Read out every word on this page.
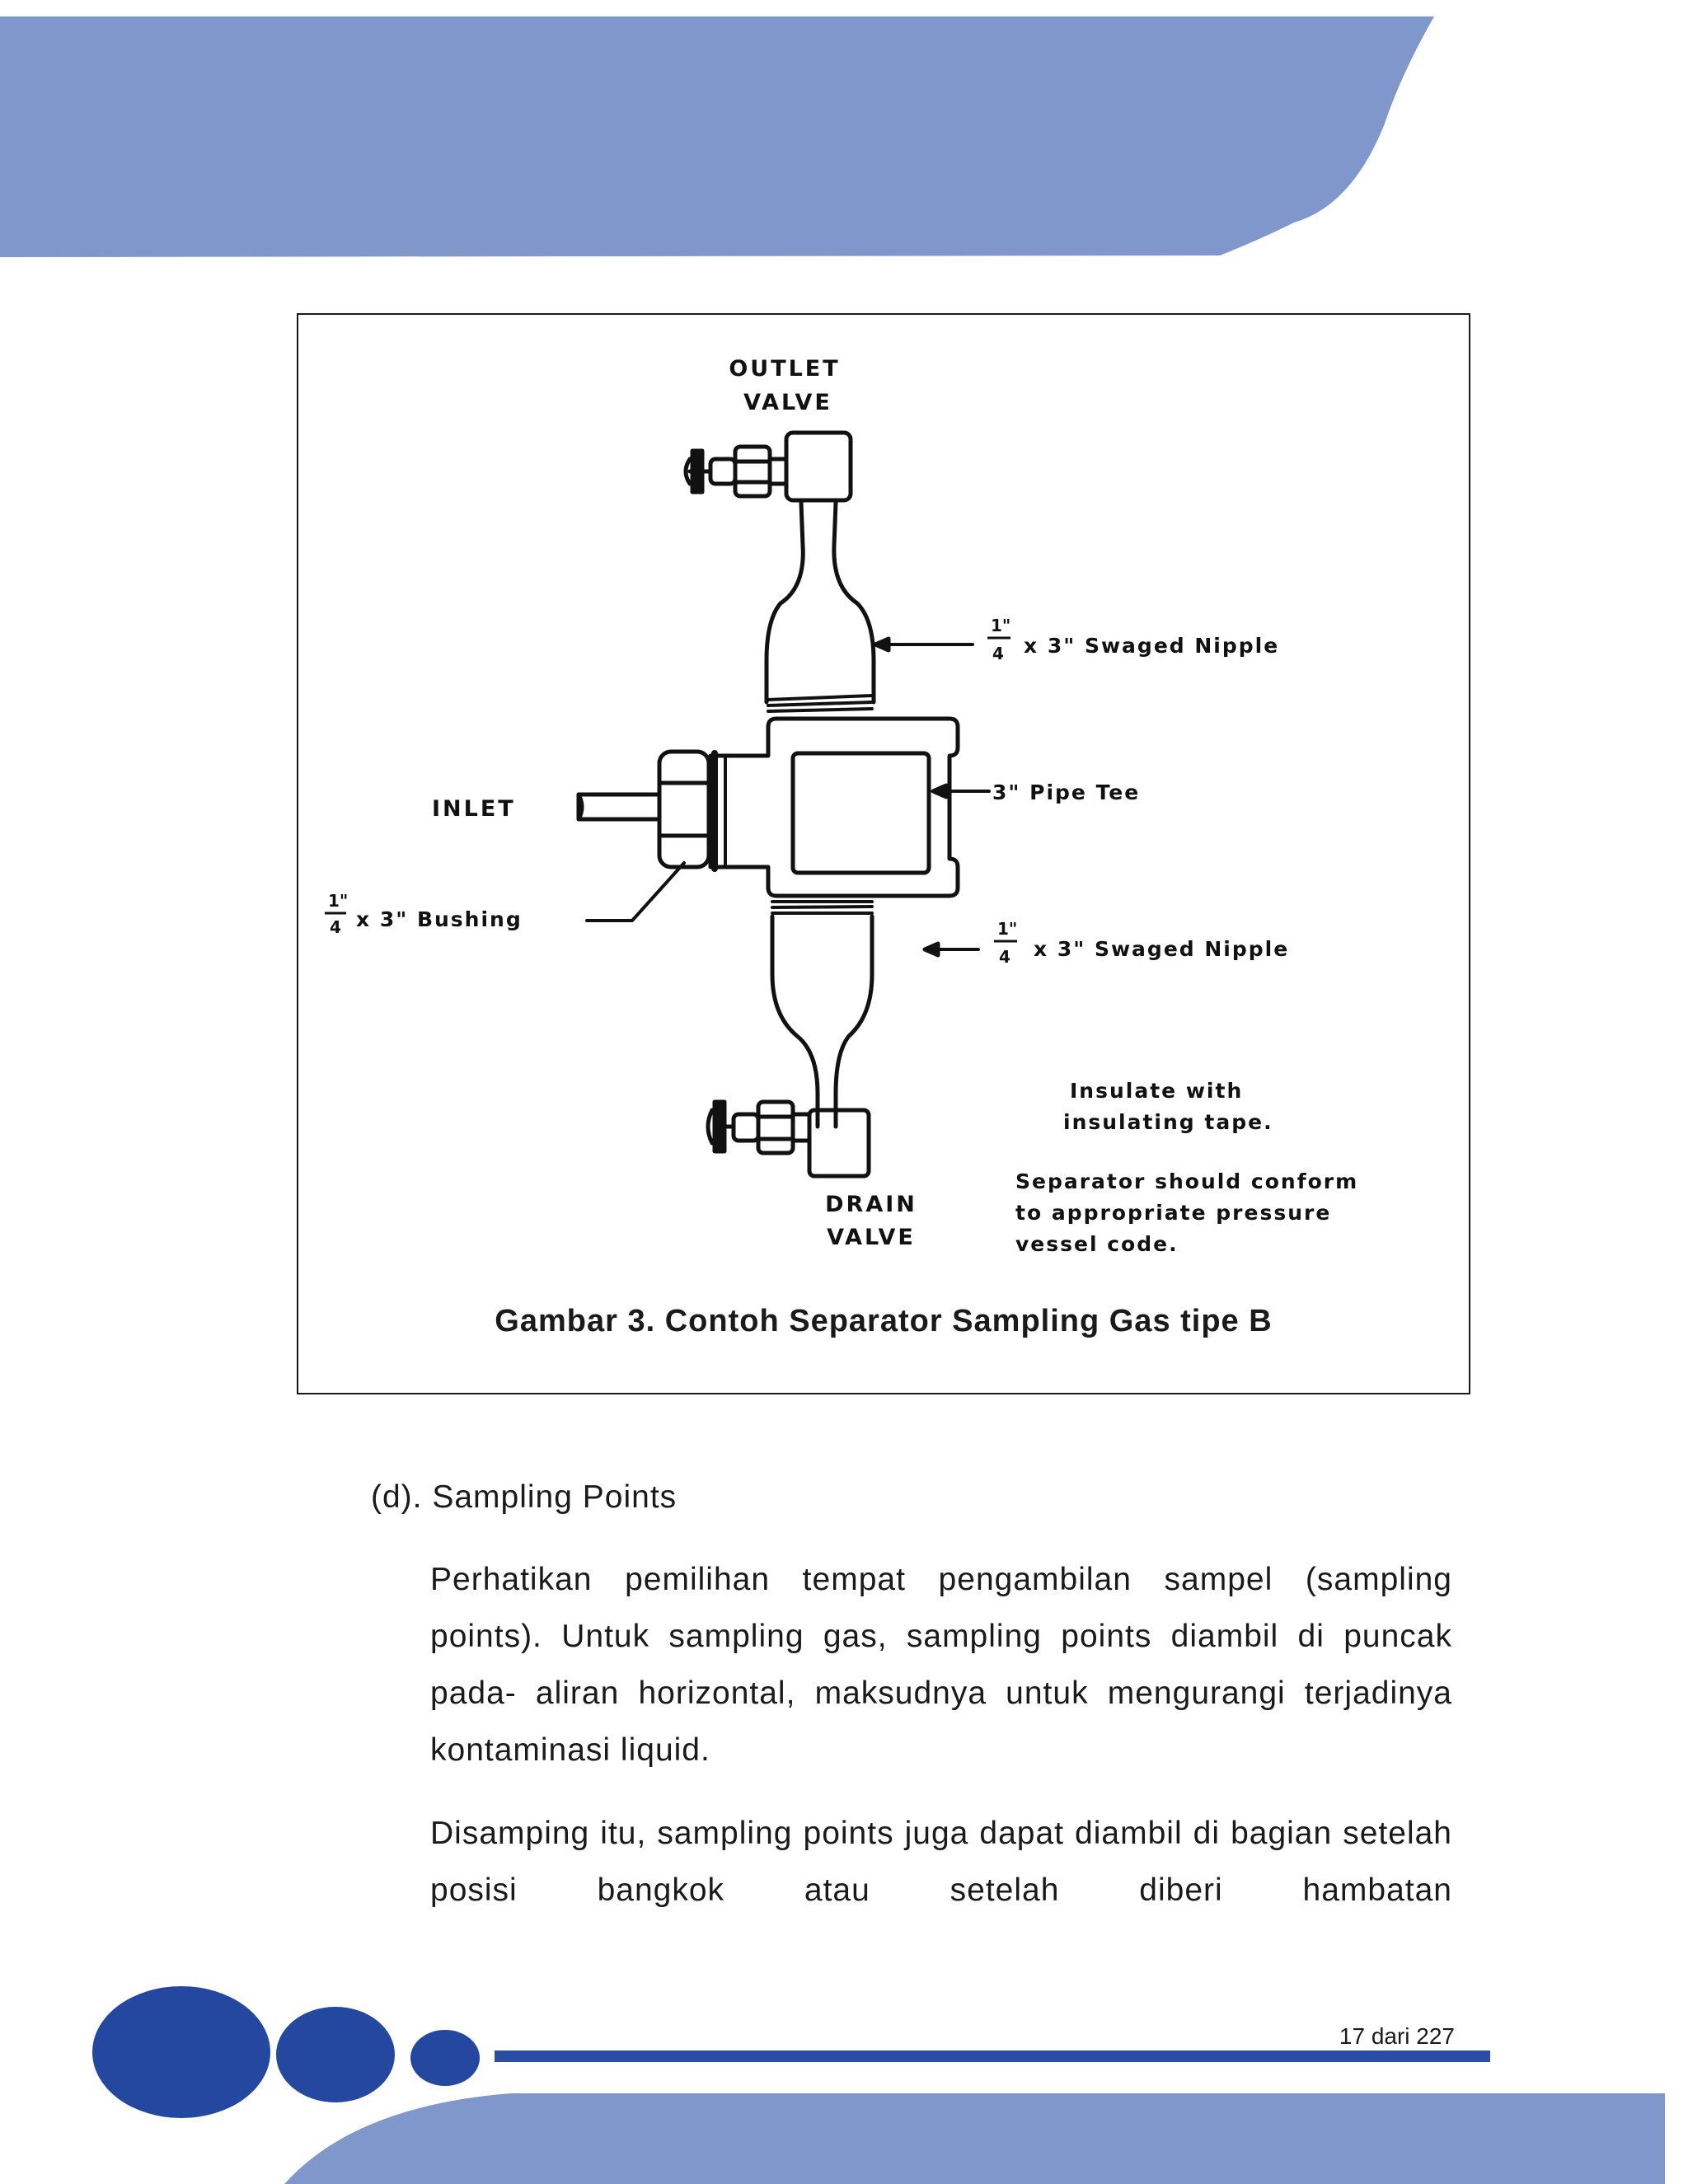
OUTLET
VALVE
1"
4 x 3" Swaged Nipple
3" Pipe Tee
INLET
1"
4 x 3" Bushing	1"
4 x 3" Swaged Nipple
Insulate with
insulating tape.
Separator should conform
to appropriate pressure
vessel code.
DRAIN
VALVE
Gambar 3. Contoh Separator Sampling Gas tipe B
(d). Sampling Points
Perhatikan pemilihan tempat pengambilan sampel (sampling points). Untuk sampling gas, sampling points diambil di puncak pada- aliran horizontal, maksudnya untuk mengurangi terjadinya kontaminasi liquid.
Disamping itu, sampling points juga dapat diambil di bagian setelah posisi bangkok atau setelah diberi hambatan
17 dari 227
